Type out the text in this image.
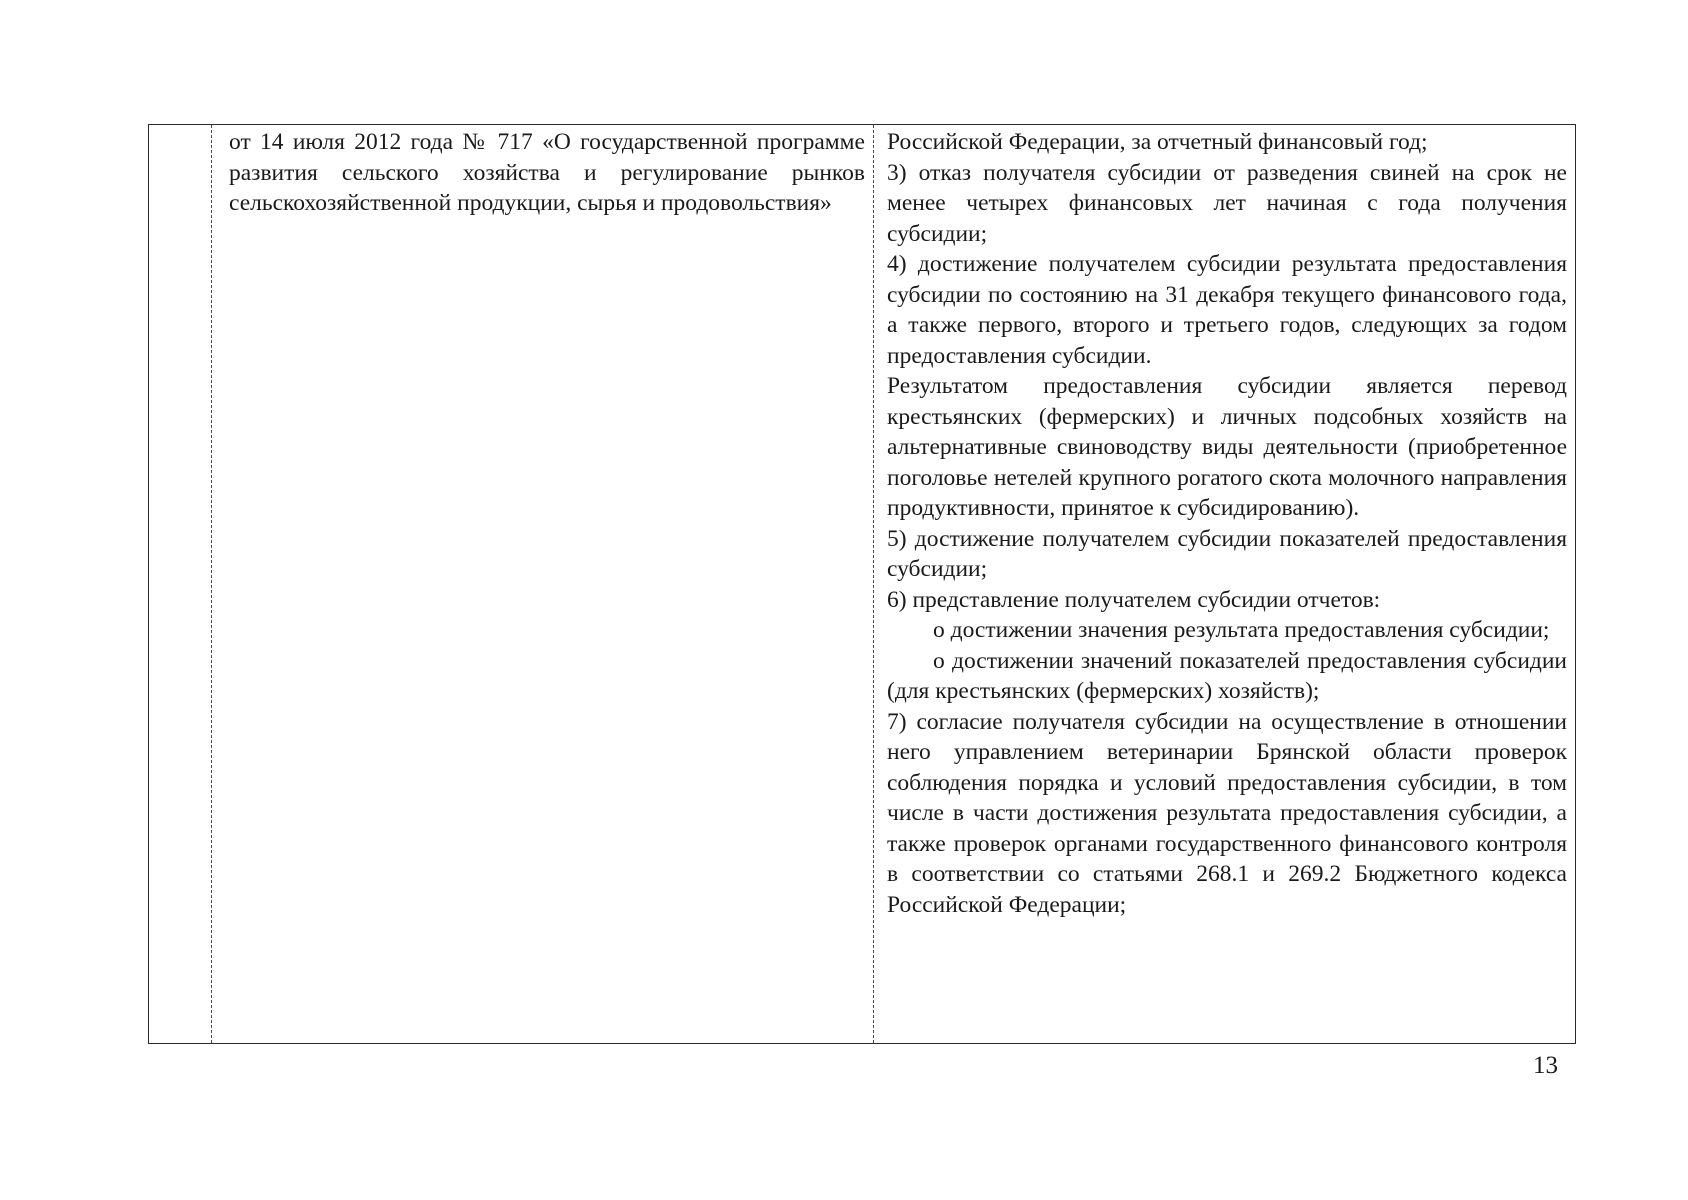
от 14 июля 2012 года № 717 «О государственной программе развития сельского хозяйства и регулирование рынков сельскохозяйственной продукции, сырья и продовольствия»

Российской Федерации, за отчетный финансовый год;

3) отказ получателя субсидии от разведения свиней на срок не менее четырех финансовых лет начиная с года получения субсидии;

4) достижение получателем субсидии результата предоставления субсидии по состоянию на 31 декабря текущего финансового года, а также первого, второго и третьего годов, следующих за годом предоставления субсидии.

Результатом предоставления субсидии является перевод крестьянских (фермерских) и личных подсобных хозяйств на альтернативные свиноводству виды деятельности (приобретенное поголовье нетелей крупного рогатого скота молочного направления продуктивности, принятое к субсидированию).

5) достижение получателем субсидии показателей предоставления субсидии;

6) представление получателем субсидии отчетов:

о достижении значения результата предоставления субсидии;

о достижении значений показателей предоставления субсидии (для крестьянских (фермерских) хозяйств);

7) согласие получателя субсидии на осуществление в отношении него управлением ветеринарии Брянской области проверок соблюдения порядка и условий предоставления субсидии, в том числе в части достижения результата предоставления субсидии, а также проверок органами государственного финансового контроля в соответствии со статьями 268.1 и 269.2 Бюджетного кодекса Российской Федерации;

13
